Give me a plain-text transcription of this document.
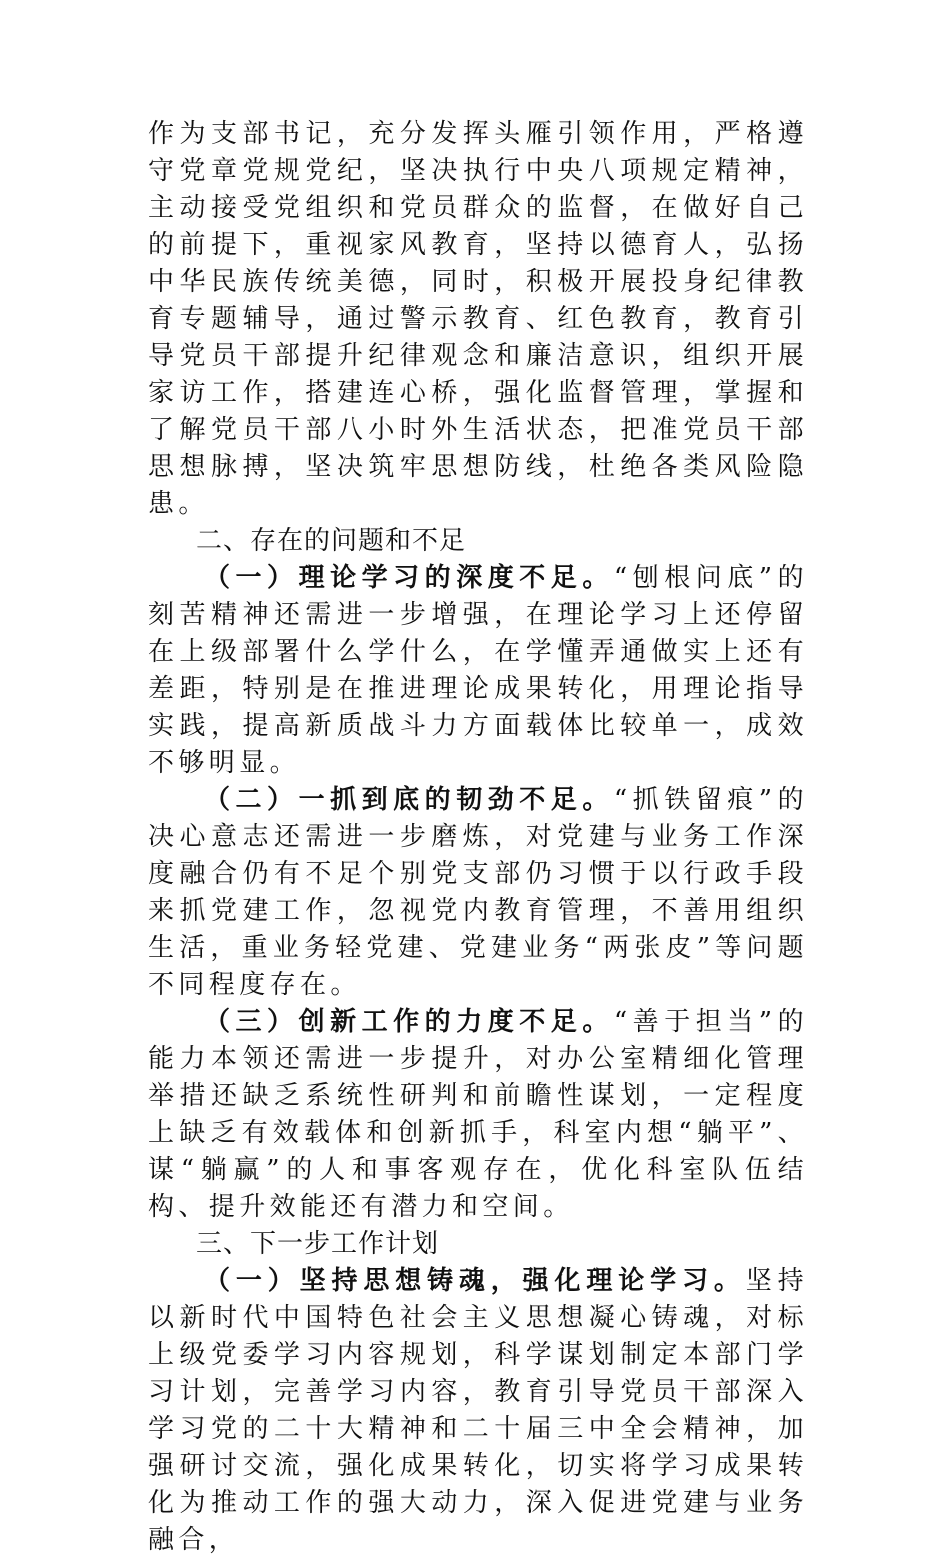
作为支部书记，充分发挥头雁引领作用，严格遵守党章党规党纪，坚决执行中央八项规定精神，主动接受党组织和党员群众的监督，在做好自己的前提下，重视家风教育，坚持以德育人，弘扬中华民族传统美德，同时，积极开展投身纪律教育专题辅导，通过警示教育、红色教育，教育引导党员干部提升纪律观念和廉洁意识，组织开展家访工作，搭建连心桥，强化监督管理，掌握和了解党员干部八小时外生活状态，把准党员干部思想脉搏，坚决筑牢思想防线，杜绝各类风险隐患。

二、存在的问题和不足

（一）理论学习的深度不足。“刨根问底”的刻苦精神还需进一步增强，在理论学习上还停留在上级部署什么学什么，在学懂弄通做实上还有差距，特别是在推进理论成果转化，用理论指导实践，提高新质战斗力方面载体比较单一，成效不够明显。

（二）一抓到底的韧劲不足。“抓铁留痕”的决心意志还需进一步磨炼，对党建与业务工作深度融合仍有不足个别党支部仍习惯于以行政手段来抓党建工作，忽视党内教育管理，不善用组织生活，重业务轻党建、党建业务“两张皮”等问题不同程度存在。

（三）创新工作的力度不足。“善于担当”的能力本领还需进一步提升，对办公室精细化管理举措还缺乏系统性研判和前瞻性谋划，一定程度上缺乏有效载体和创新抓手，科室内想“躺平”、谋“躺赢”的人和事客观存在，优化科室队伍结构、提升效能还有潜力和空间。

三、下一步工作计划

（一）坚持思想铸魂，强化理论学习。坚持以新时代中国特色社会主义思想凝心铸魂，对标上级党委学习内容规划，科学谋划制定本部门学习计划，完善学习内容，教育引导党员干部深入学习党的二十大精神和二十届三中全会精神，加强研讨交流，强化成果转化，切实将学习成果转化为推动工作的强大动力，深入促进党建与业务融合，
